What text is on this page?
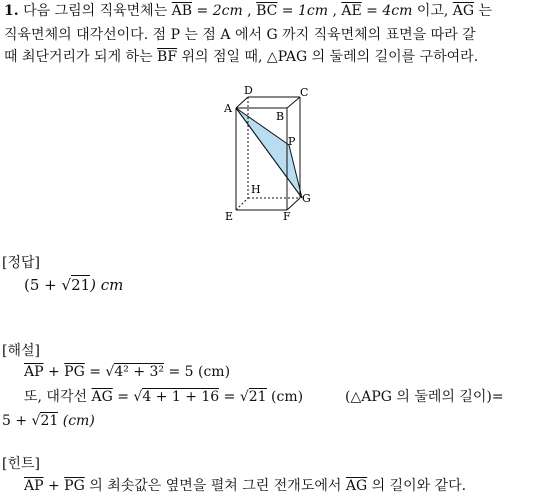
1. 다음 그림의 직육면체는 $\overline{AB} = 2cm$ , $\overline{BC} = 1cm$ , $\overline{AE} = 4cm$ 이고, $\overline{AG}$ 는
직육면체의 대각선이다. 점 P 는 점 A 에서 G 까지 직육면체의 표면을 따라 갈
때 최단거리가 되게 하는 $\overline{BF}$ 위의 점일 때, △PAG 의 둘레의 길이를 구하여라.
A
D	C
B
P
H
G
E	F
[정답]
(5 + √21) cm
[해설]
$\overline{AP} + \overline{PG} = √4^2 + 3^2 = 5$ (cm)
또, 대각선 $\overline{AG} = √4 + 1 + 16 = √21$ (cm)	(△APG 의 둘레의 길이)=
5 + √21 (cm)
[힌트]
$\overline{AP} + \overline{PG}$ 의 최솟값은 옆면을 펼쳐 그린 전개도에서 $\overline{AG}$ 의 길이와 같다.
